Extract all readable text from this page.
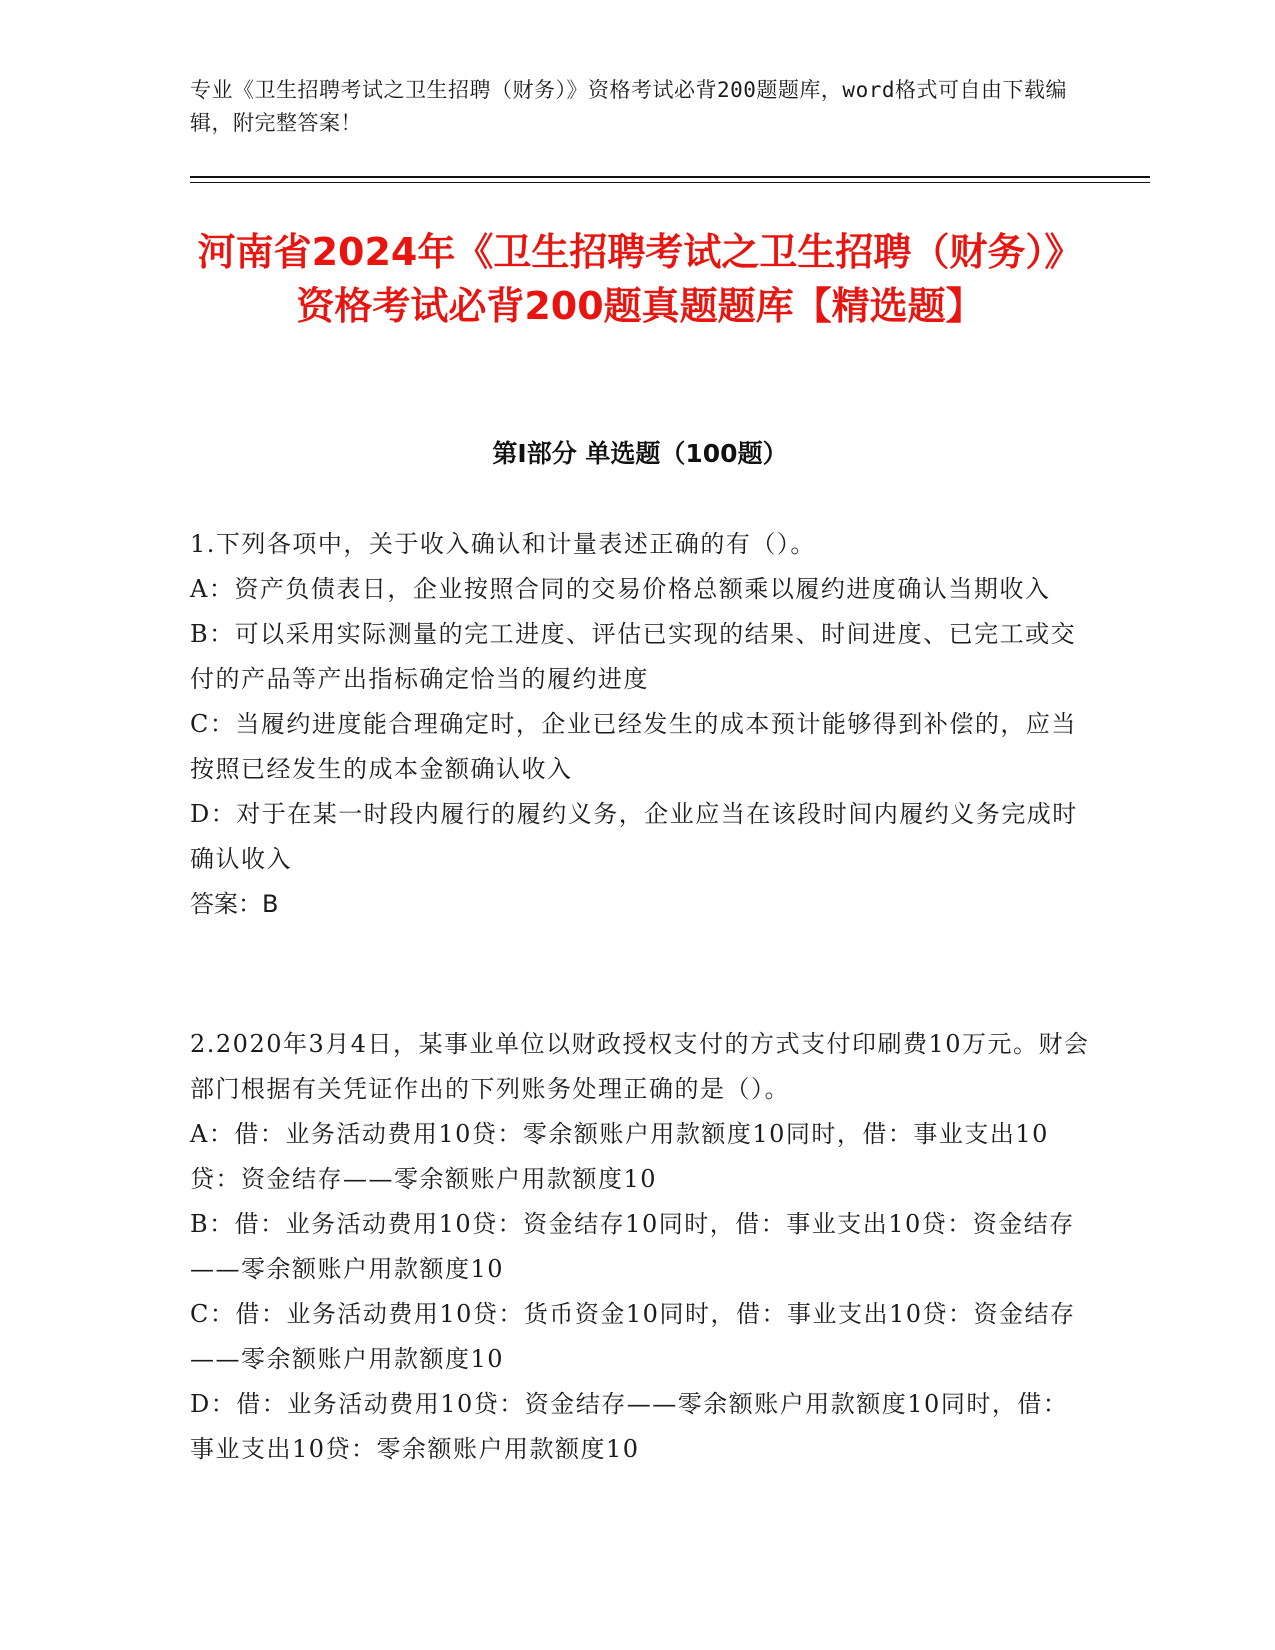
专业《卫生招聘考试之卫生招聘（财务）》资格考试必背200题题库，word格式可自由下载编辑，附完整答案！
河南省2024年《卫生招聘考试之卫生招聘（财务）》资格考试必背200题真题题库【精选题】
第I部分 单选题（100题）

1.下列各项中，关于收入确认和计量表述正确的有（）。

A：资产负债表日，企业按照合同的交易价格总额乘以履约进度确认当期收入

B：可以采用实际测量的完工进度、评估已实现的结果、时间进度、已完工或交付的产品等产出指标确定恰当的履约进度

C：当履约进度能合理确定时，企业已经发生的成本预计能够得到补偿的，应当按照已经发生的成本金额确认收入

D：对于在某一时段内履行的履约义务，企业应当在该段时间内履约义务完成时确认收入

答案：B

2.2020年3月4日，某事业单位以财政授权支付的方式支付印刷费10万元。财会部门根据有关凭证作出的下列账务处理正确的是（）。

A：借：业务活动费用10贷：零余额账户用款额度10同时，借：事业支出10贷：资金结存——零余额账户用款额度10

B：借：业务活动费用10贷：资金结存10同时，借：事业支出10贷：资金结存——零余额账户用款额度10

C：借：业务活动费用10贷：货币资金10同时，借：事业支出10贷：资金结存——零余额账户用款额度10

D：借：业务活动费用10贷：资金结存——零余额账户用款额度10同时，借：事业支出10贷：零余额账户用款额度10
